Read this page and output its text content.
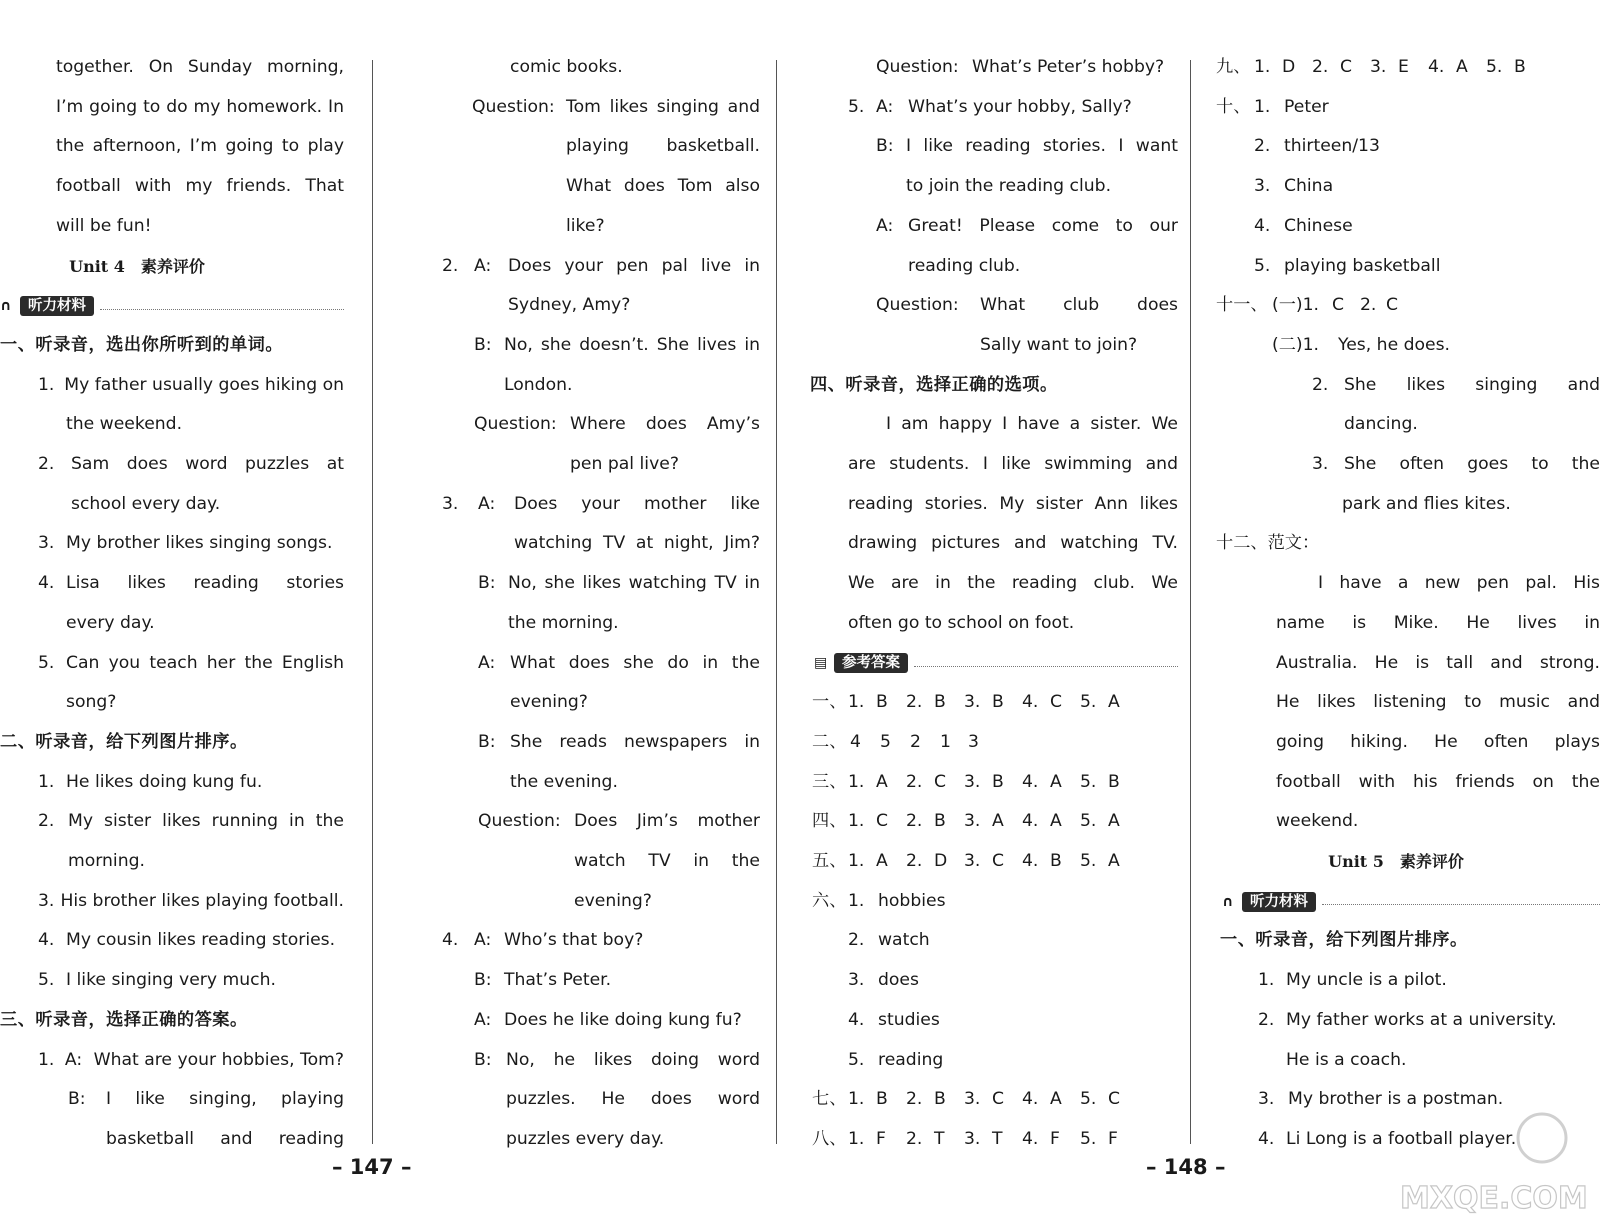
together. On Sunday morning,
I’m going to do my homework. In
the afternoon, I’m going to play
football with my friends. That
will be fun!
Unit 4　素养评价
∩	听力材料
一、听录音，选出你所听到的单词。
1. My father usually goes hiking on
the weekend.
2. Sam does word puzzles at
school every day.
3. My brother likes singing songs.
4. Lisa likes reading stories
every day.
5. Can you teach her the English
song?
二、听录音，给下列图片排序。
1. He likes doing kung fu.
2. My sister likes running in the
morning.
3. His brother likes playing football.
4. My cousin likes reading stories.
5. I like singing very much.
三、听录音，选择正确的答案。
1. A: What are your hobbies, Tom?
B:	I like singing, playing
basketball and reading
comic books.
Question: Tom likes singing and
playing basketball.
What does Tom also
like?
2. A: Does your pen pal live in
Sydney, Amy?
B: No, she doesn’t. She lives in
London.
Question: Where does Amy’s
pen pal live?
3.	A:	Does your mother like
watching TV at night, Jim?
B: No, she likes watching TV in
the morning.
A: What does she do in the
evening?
B: She reads newspapers in
the evening.
Question: Does Jim’s mother
watch TV in the
evening?
4. A: Who’s that boy?
B: That’s Peter.
A: Does he like doing kung fu?
B: No, he likes doing word
puzzles. He does word
puzzles every day.
Question: What’s Peter’s hobby?
5. A: What’s your hobby, Sally?
B: I like reading stories. I want
to join the reading club.
A: Great! Please come to our
reading club.
Question:	What club does
Sally want to join?
四、听录音，选择正确的选项。
I am happy I have a sister. We
are students. I like swimming and
reading stories. My sister Ann likes
drawing pictures and watching TV.
We are in the reading club. We
often go to school on foot.
▤	参考答案
一、 1. B	2. B	3. B	4. C	5. A
二、 4	5	2	1 3
三、 1. A	2. C	3. B	4. A	5. B
四、 1. C	2. B	3. A	4. A	5. A
五、 1. A	2. D 3. C	4. B	5. A
六、 1. hobbies
2. watch
3. does
4. studies
5. reading
七、 1. B	2. B	3. C	4. A	5. C
八、 1. F	2. T	3. T	4. F	5. F
九、 1. D 2. C	3. E	4. A	5. B
十、 1. Peter
2. thirteen/13
3. China
4. Chinese
5. playing basketball
十一、 (一)1. C 2. C
(二)1.	Yes, he does.
2. She likes singing and
dancing.
3. She often goes to the
park and flies kites.
十二、范文：
I have a new pen pal. His
name is Mike. He lives in
Australia. He is tall and strong.
He likes listening to music and
going hiking. He often plays
football with his friends on the
weekend.
Unit 5　素养评价
∩	听力材料
一、听录音，给下列图片排序。
1. My uncle is a pilot.
2. My father works at a university.
He is a coach.
3. My brother is a postman.
4. Li Long is a football player.
– 147 –	– 148 –
MXQE.COM
